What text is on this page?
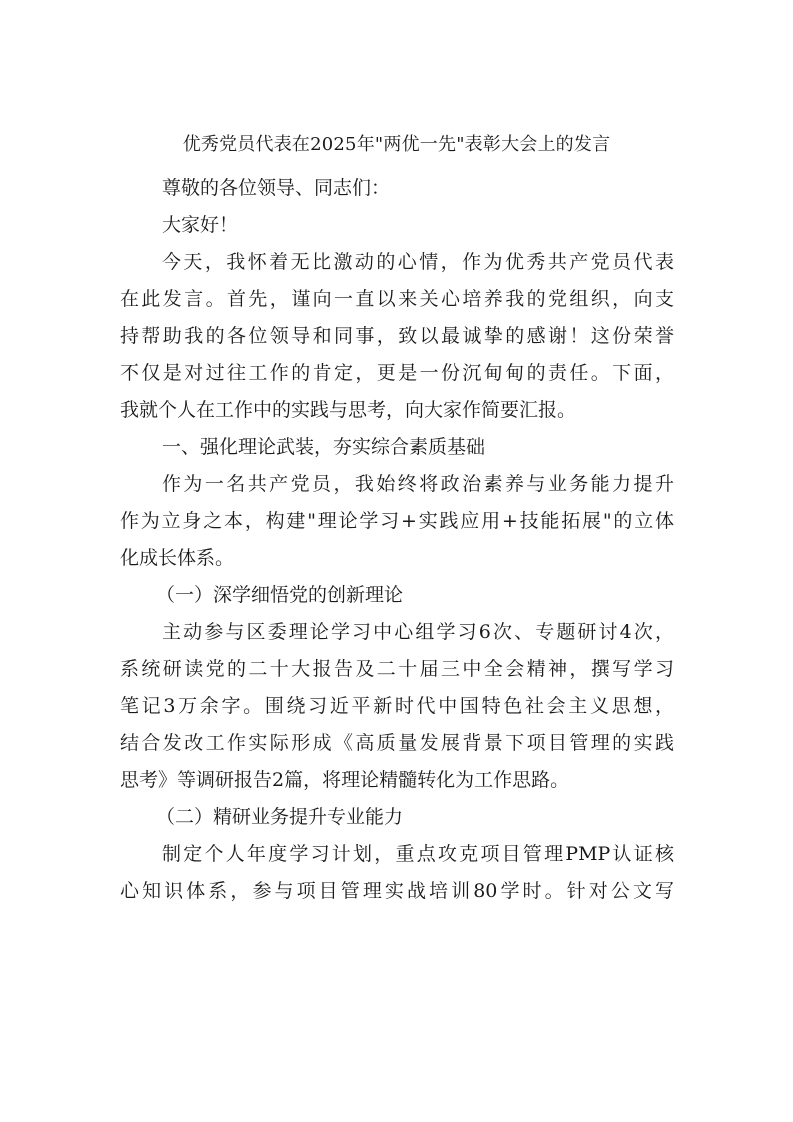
优秀党员代表在2025年"两优一先"表彰大会上的发言
尊敬的各位领导、同志们：
大家好！
今天，我怀着无比激动的心情，作为优秀共产党员代表
在此发言。首先，谨向一直以来关心培养我的党组织，向支
持帮助我的各位领导和同事，致以最诚挚的感谢！这份荣誉
不仅是对过往工作的肯定，更是一份沉甸甸的责任。下面，
我就个人在工作中的实践与思考，向大家作简要汇报。
一、强化理论武装，夯实综合素质基础
作为一名共产党员，我始终将政治素养与业务能力提升
作为立身之本，构建"理论学习+实践应用+技能拓展"的立体
化成长体系。
（一）深学细悟党的创新理论
主动参与区委理论学习中心组学习6次、专题研讨4次，
系统研读党的二十大报告及二十届三中全会精神，撰写学习
笔记3万余字。围绕习近平新时代中国特色社会主义思想，
结合发改工作实际形成《高质量发展背景下项目管理的实践
思考》等调研报告2篇，将理论精髓转化为工作思路。
（二）精研业务提升专业能力
制定个人年度学习计划，重点攻克项目管理PMP认证核
心知识体系，参与项目管理实战培训80学时。针对公文写
